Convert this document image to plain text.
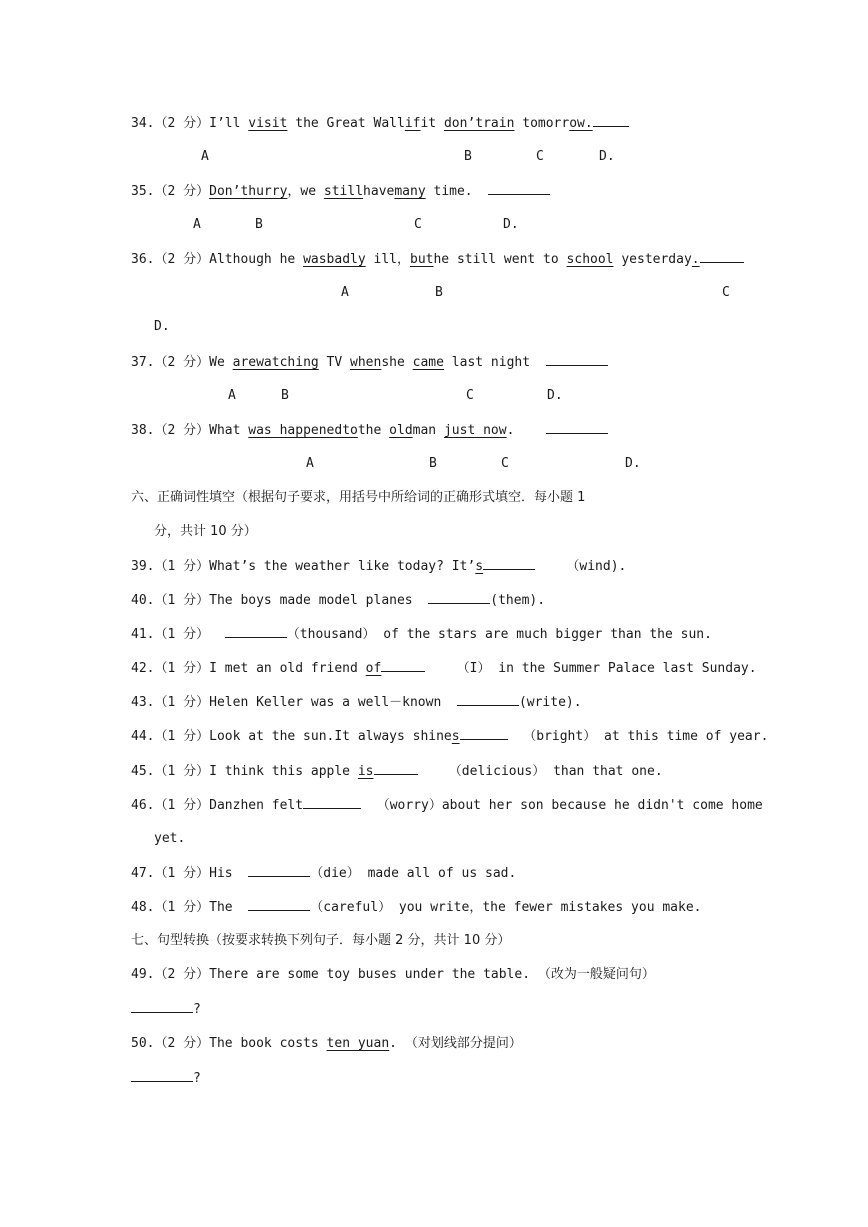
34.（2 分）I’ll visit the Great Wallifit don’train tomorrow.
A	B	C	D.
35.（2 分）Don’thurry，we stillhavemany time.
A	B	C	D.
36.（2 分）Although he wasbadly ill，buthe still went to school yesterday.
A	B	C
D.
37.（2 分）We arewatching TV whenshe came last night
A	B	C	D.
38.（2 分）What was happenedtothe oldman just now.
A	B	C	D.
六、正确词性填空（根据句子要求，用括号中所给词的正确形式填空．每小题 1
分，共计 10 分）
39.（1 分）What’s the weather like today? It’s	（wind).
40.（1 分）The boys made model planes	(them).
41.（1 分）	（thousand） of the stars are much bigger than the sun.
42.（1 分）I met an old friend of	（I） in the Summer Palace last Sunday.
43.（1 分）Helen Keller was a well－known	(write).
44.（1 分）Look at the sun.It always shines	（bright） at this time of year.
45.（1 分）I think this apple is	（delicious） than that one.
46.（1 分）Danzhen felt	（worry）about her son because he didn't come home
yet.
47.（1 分）His	（die） made all of us sad.
48.（1 分）The	（careful） you write，the fewer mistakes you make.
七、句型转换（按要求转换下列句子．每小题 2 分，共计 10 分）
49.（2 分）There are some toy buses under the table. （改为一般疑问句）
?
50.（2 分）The book costs ten yuan. （对划线部分提问）
?
